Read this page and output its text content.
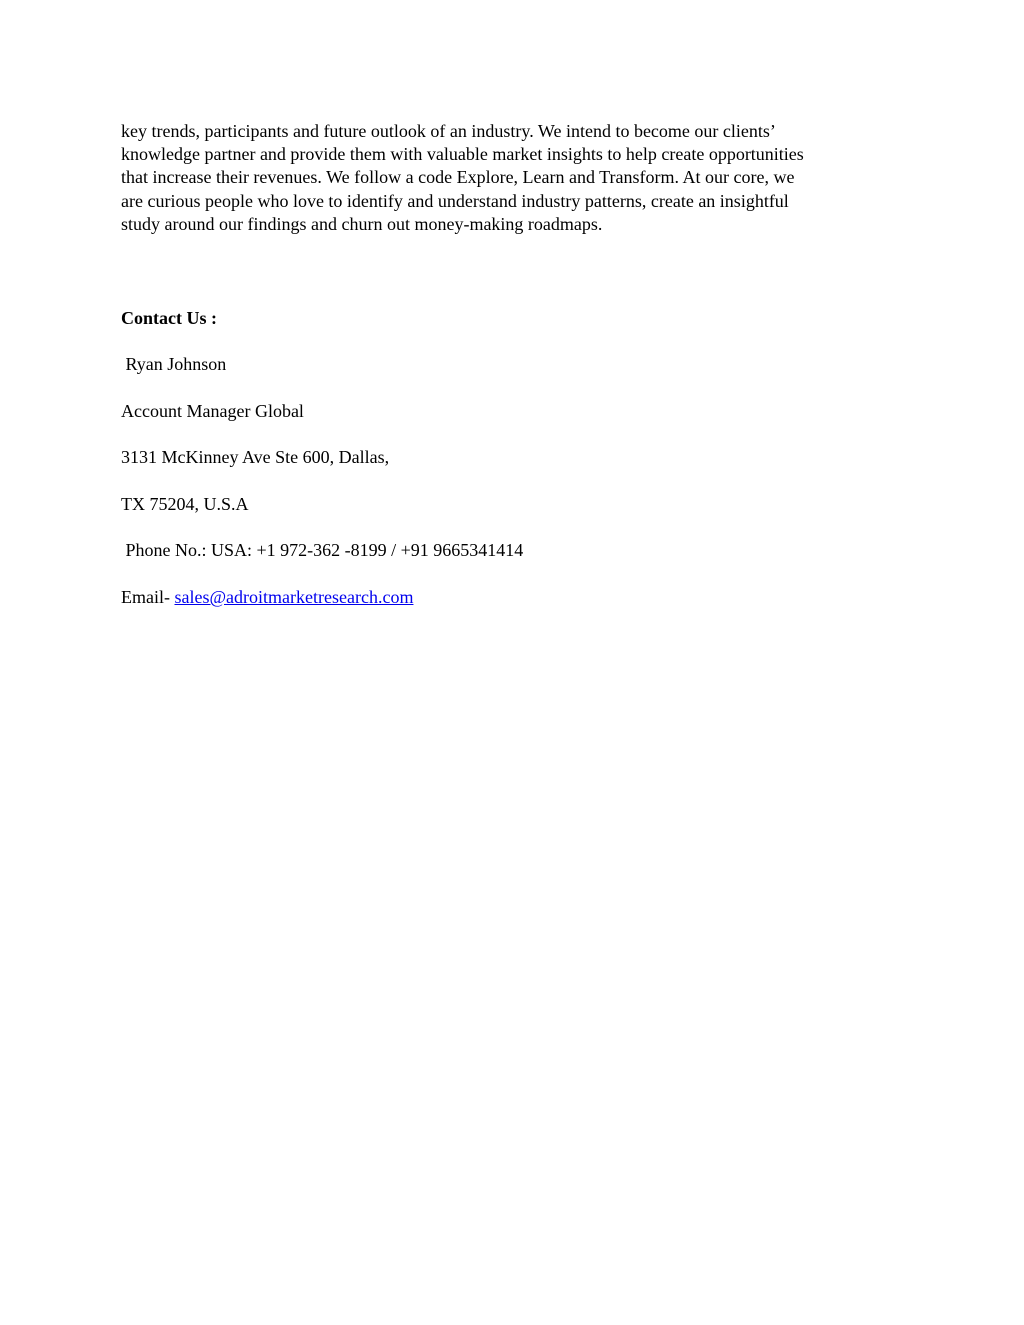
key trends, participants and future outlook of an industry. We intend to become our clients’
knowledge partner and provide them with valuable market insights to help create opportunities
that increase their revenues. We follow a code Explore, Learn and Transform. At our core, we
are curious people who love to identify and understand industry patterns, create an insightful
study around our findings and churn out money-making roadmaps.
Contact Us :
Ryan Johnson
Account Manager Global
3131 McKinney Ave Ste 600, Dallas,
TX 75204, U.S.A
Phone No.: USA: +1 972-362 -8199 / +91 9665341414
Email- sales@adroitmarketresearch.com
